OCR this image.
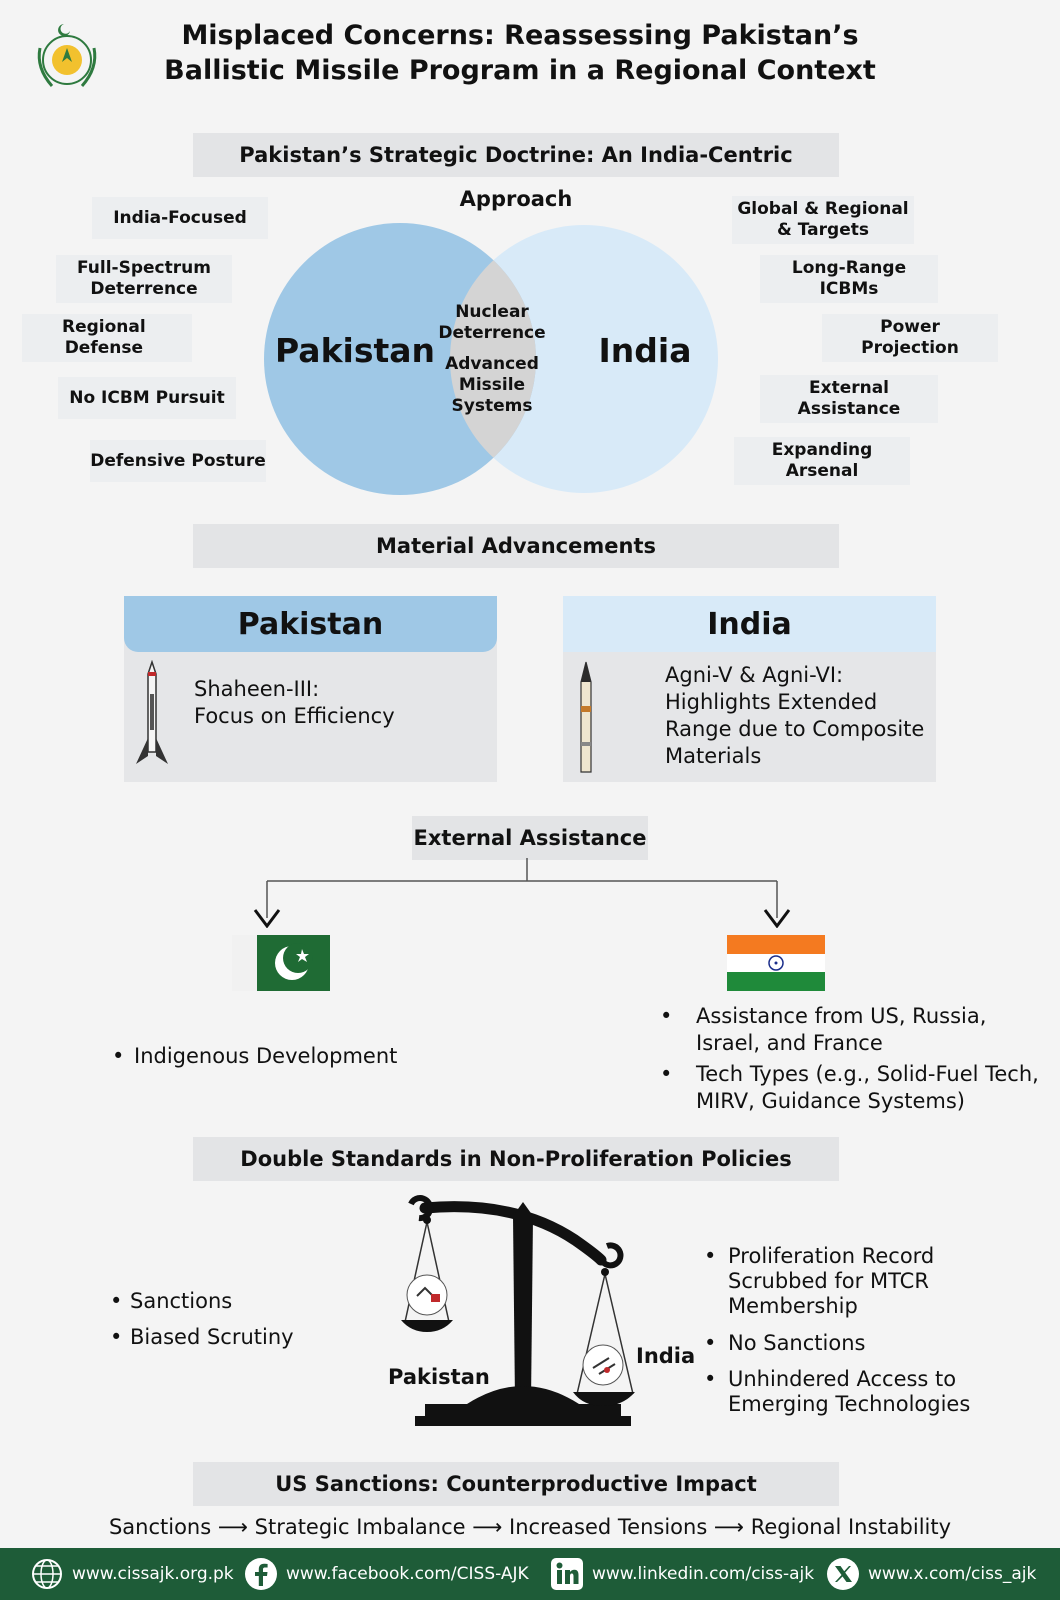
Misplaced Concerns: Reassessing Pakistan’s
Ballistic Missile Program in a Regional Context
Pakistan’s Strategic Doctrine: An India-Centric Approach
India-Focused
Full-Spectrum
Deterrence
Regional
Defense
No ICBM Pursuit
Defensive Posture
Global & Regional
& Targets
Long-Range
ICBMs
Power
Projection
External
Assistance
Expanding
Arsenal
Pakistan	India
Nuclear
Deterrence
Advanced
Missile
Systems
Material Advancements
Pakistan
Shaheen-III:
Focus on Efficiency
India
Agni-V & Agni-VI:
Highlights Extended
Range due to Composite
Materials
External Assistance
• Indigenous Development
•	Assistance from US, Russia,
Israel, and France
•	Tech Types (e.g., Solid-Fuel Tech,
MIRV, Guidance Systems)
Double Standards in Non-Proliferation Policies
• Sanctions
• Biased Scrutiny
Pakistan
India
• Proliferation Record
Scrubbed for MTCR
Membership
• No Sanctions
• Unhindered Access to
Emerging Technologies
US Sanctions: Counterproductive Impact
Sanctions ⟶ Strategic Imbalance ⟶ Increased Tensions ⟶ Regional Instability
www.cissajk.org.pk	www.facebook.com/CISS-AJK	www.linkedin.com/ciss-ajk	www.x.com/ciss_ajk
